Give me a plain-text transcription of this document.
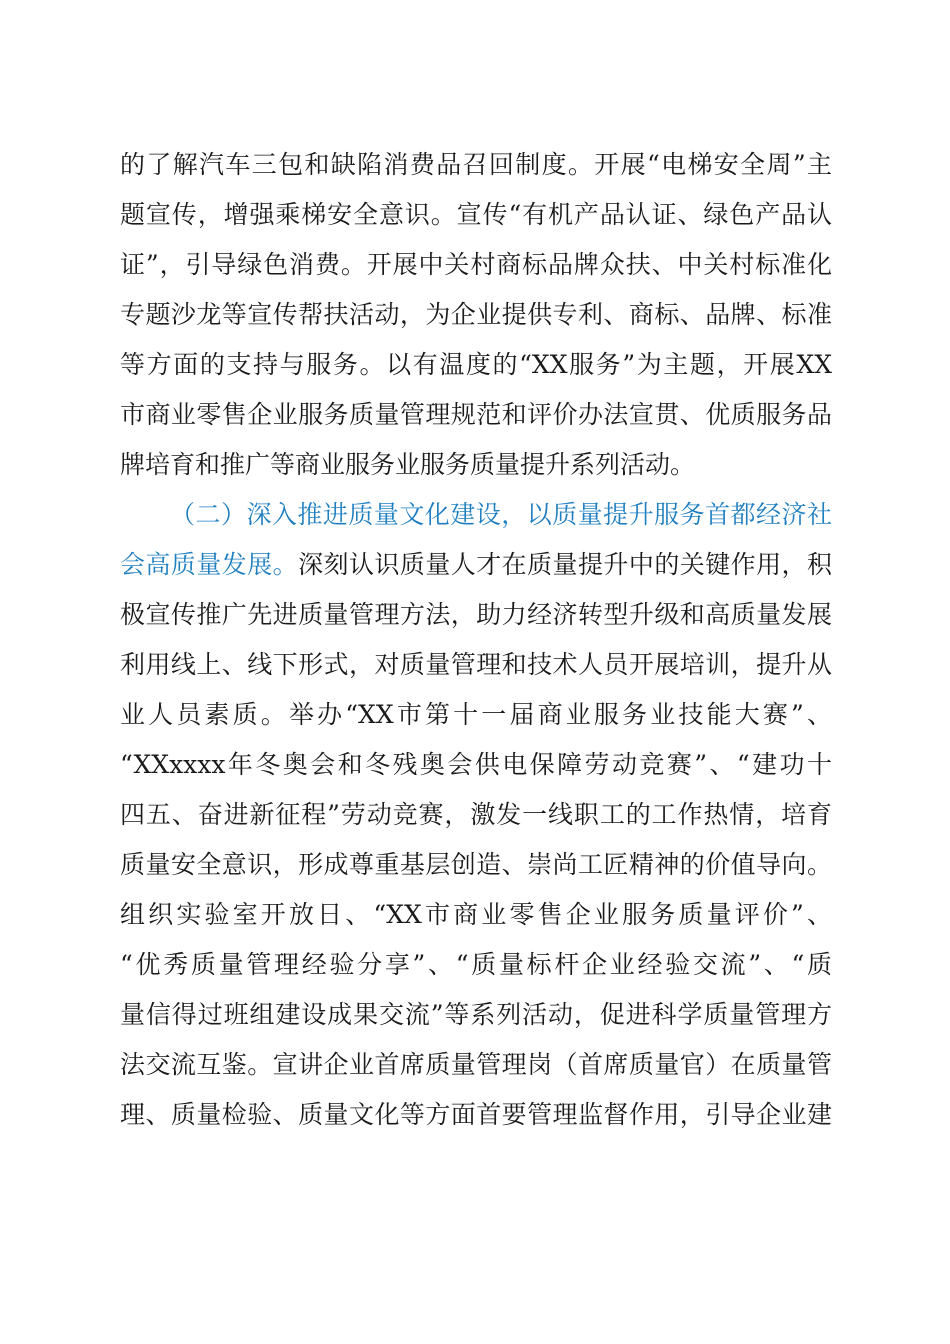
的了解汽车三包和缺陷消费品召回制度。开展“电梯安全周”主
题宣传，增强乘梯安全意识。宣传“有机产品认证、绿色产品认
证”，引导绿色消费。开展中关村商标品牌众扶、中关村标准化
专题沙龙等宣传帮扶活动，为企业提供专利、商标、品牌、标准
等方面的支持与服务。以有温度的“XX服务”为主题，开展XX
市商业零售企业服务质量管理规范和评价办法宣贯、优质服务品
牌培育和推广等商业服务业服务质量提升系列活动。
（二）深入推进质量文化建设，以质量提升服务首都经济社
会高质量发展。深刻认识质量人才在质量提升中的关键作用，积
极宣传推广先进质量管理方法，助力经济转型升级和高质量发展
利用线上、线下形式，对质量管理和技术人员开展培训，提升从
业人员素质。举办“XX市第十一届商业服务业技能大赛”、
“XXxxxx年冬奥会和冬残奥会供电保障劳动竞赛”、“建功十
四五、奋进新征程”劳动竞赛，激发一线职工的工作热情，培育
质量安全意识，形成尊重基层创造、崇尚工匠精神的价值导向。
组织实验室开放日、“XX市商业零售企业服务质量评价”、
“优秀质量管理经验分享”、“质量标杆企业经验交流”、“质
量信得过班组建设成果交流”等系列活动，促进科学质量管理方
法交流互鉴。宣讲企业首席质量管理岗（首席质量官）在质量管
理、质量检验、质量文化等方面首要管理监督作用，引导企业建
